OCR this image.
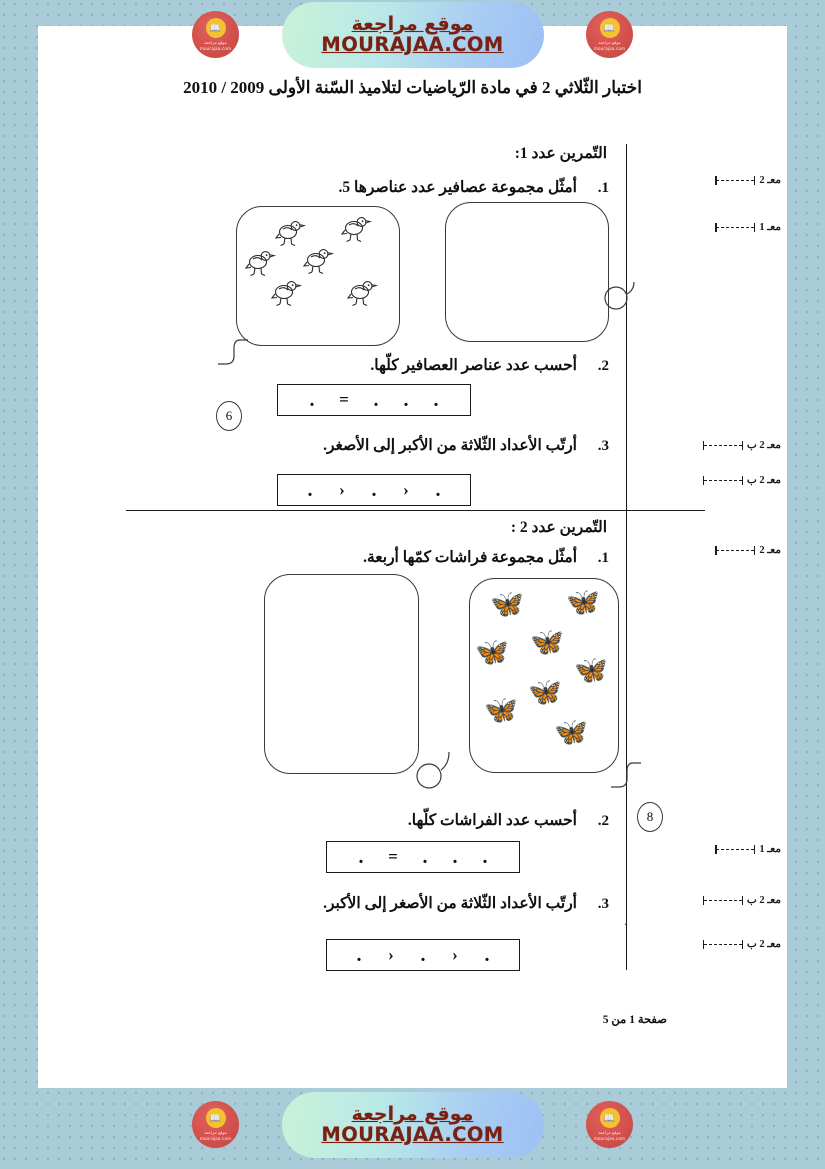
📖
موقع مراجعة
mourajaa.com
موقع مراجعة
MOURAJAA.COM
📖
موقع مراجعة
mourajaa.com
اختبار الثّلاثي 2 في مادة الرّياضيات لتلاميذ السّنة الأولى 2009 / 2010
التّمرين عدد 1:
1.
أمثّل مجموعة عصافير عدد عناصرها 5.	معـ 2
معـ 1
معـ 2 ب
معـ 2 ب
6
2.
أحسب عدد عناصر العصافير كلّها.
.
.
.
=
.
3.
أرتّب الأعداد الثّلاثة من الأكبر إلى الأصغر.
.
‹
.
‹
.
التّمرين عدد 2 :
1.
أمثّل مجموعة فراشات كمّها أربعة.	معـ 2
معـ 1
معـ 2 ب
معـ 2 ب
🦋 🦋
🦋
🦋
🦋
🦋
🦋
🦋
8
2.
أحسب عدد الفراشات كلّها.
.
.
.
=
.
3.
أرتّب الأعداد الثّلاثة من الأصغر إلى الأكبر.
.
‹
.
‹
.
.
صفحة 1 من 5
📖
موقع مراجعة
mourajaa.com
موقع مراجعة
MOURAJAA.COM
📖
موقع مراجعة
mourajaa.com
